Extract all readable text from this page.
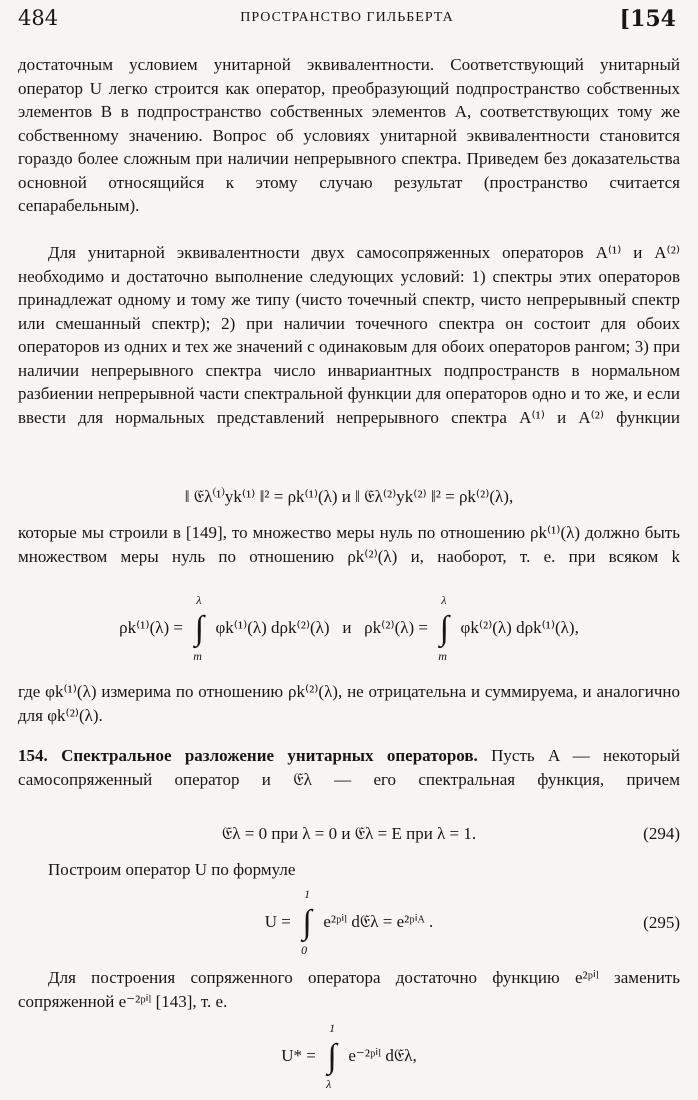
484	ПРОСТРАНСТВО ГИЛЬБЕРТА	[154

достаточным условием унитарной эквивалентности. Соответствующий унитарный оператор U легко строится как оператор, преобразующий подпространство собственных элементов B в подпространство собственных элементов A, соответствующих тому же собственному значению. Вопрос об условиях унитарной эквивалентности становится гораздо более сложным при наличии непрерывного спектра. Приведем без доказательства основной относящийся к этому случаю результат (пространство считается сепарабельным).

Для унитарной эквивалентности двух самосопряженных операторов A⁽¹⁾ и A⁽²⁾ необходимо и достаточно выполнение следующих условий: 1) спектры этих операторов принадлежат одному и тому же типу (чисто точечный спектр, чисто непрерывный спектр или смешанный спектр); 2) при наличии точечного спектра он состоит для обоих операторов из одних и тех же значений с одинаковым для обоих операторов рангом; 3) при наличии непрерывного спектра число инвариантных подпространств в нормальном разбиении непрерывной части спектральной функции для операторов одно и то же, и если ввести для нормальных представлений непрерывного спектра A⁽¹⁾ и A⁽²⁾ функции

‖ 𝔈λ⁽¹⁾yk⁽¹⁾ ‖² = ρk⁽¹⁾(λ) и ‖ 𝔈λ⁽²⁾yk⁽²⁾ ‖² = ρk⁽²⁾(λ),

которые мы строили в [149], то множество меры нуль по отношению ρk⁽¹⁾(λ) должно быть множеством меры нуль по отношению ρk⁽²⁾(λ) и, наоборот, т. е. при всяком k

ρk⁽¹⁾(λ) = ∫
λ
m
φk⁽¹⁾(λ) dρk⁽²⁾(λ) и ρk⁽²⁾(λ) = ∫
λ
m
φk⁽²⁾(λ) dρk⁽¹⁾(λ),

где φk⁽¹⁾(λ) измерима по отношению ρk⁽²⁾(λ), не отрицательна и суммируема, и аналогично для φk⁽²⁾(λ).

154. Спектральное разложение унитарных операторов. Пусть A — некоторый самосопряженный оператор и 𝔈λ — его спектральная функция, причем

𝔈λ = 0 при λ = 0 и 𝔈λ = E при λ = 1.	(294)

Построим оператор U по формуле

U = ∫
1
0
e²ᵖⁱˡ d𝔈λ = e²ᵖⁱᴬ .	(295)

Для построения сопряженного оператора достаточно функцию e²ᵖⁱˡ заменить сопряженной e⁻²ᵖⁱˡ [143], т. е.

U* = ∫
1
λ
e⁻²ᵖⁱˡ d𝔈λ,
